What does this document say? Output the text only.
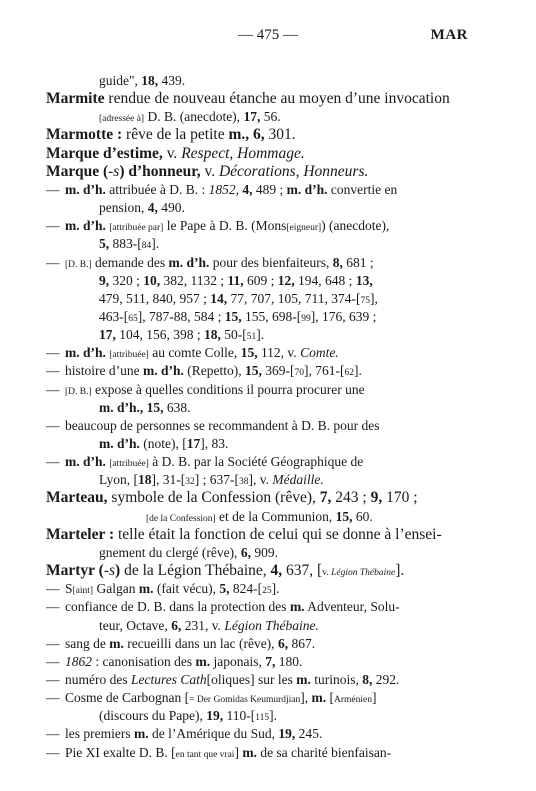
— 475 —	MAR
guide", 18, 439.
Marmite rendue de nouveau étanche au moyen d’une invocation
[adressée à] D. B. (anecdote), 17, 56.
Marmotte : rêve de la petite m., 6, 301.
Marque d’estime, v. Respect, Hommage.
Marque (-s) d’honneur, v. Décorations, Honneurs.
— m. d’h. attribuée à D. B. : 1852, 4, 489 ; m. d’h. convertie en
pension, 4, 490.
— m. d’h. [attribuée par] le Pape à D. B. (Mons[eigneur]) (anecdote),
5, 883-[84].
— [D. B.] demande des m. d’h. pour des bienfaiteurs, 8, 681 ;
9, 320 ; 10, 382, 1132 ; 11, 609 ; 12, 194, 648 ; 13,
479, 511, 840, 957 ; 14, 77, 707, 105, 711, 374-[75],
463-[65], 787-88, 584 ; 15, 155, 698-[99], 176, 639 ;
17, 104, 156, 398 ; 18, 50-[51].
— m. d’h. [attribuée] au comte Colle, 15, 112, v. Comte.
— histoire d’une m. d’h. (Repetto), 15, 369-[70], 761-[62].
— [D. B.] expose à quelles conditions il pourra procurer une
m. d’h., 15, 638.
— beaucoup de personnes se recommandent à D. B. pour des
m. d’h. (note), [17], 83.
— m. d’h. [attribuée] à D. B. par la Société Géographique de
Lyon, [18], 31-[32] ; 637-[38], v. Médaille.
Marteau, symbole de la Confession (rêve), 7, 243 ; 9, 170 ;
[de la Confession] et de la Communion, 15, 60.
Marteler : telle était la fonction de celui qui se donne à l’ensei-
gnement du clergé (rêve), 6, 909.
Martyr (-s) de la Légion Thébaine, 4, 637, [v. Légion Thébaine].
— S[aint] Galgan m. (fait vécu), 5, 824-[25].
— confiance de D. B. dans la protection des m. Adventeur, Solu-
teur, Octave, 6, 231, v. Légion Thébaine.
— sang de m. recueilli dans un lac (rêve), 6, 867.
— 1862 : canonisation des m. japonais, 7, 180.
— numéro des Lectures Cath[oliques] sur les m. turinois, 8, 292.
— Cosme de Carbognan [= Der Gomidas Keumurdjian], m. [Arménien]
(discours du Pape), 19, 110-[115].
— les premiers m. de l’Amérique du Sud, 19, 245.
— Pie XI exalte D. B. [en tant que vrai] m. de sa charité bienfaisan-
